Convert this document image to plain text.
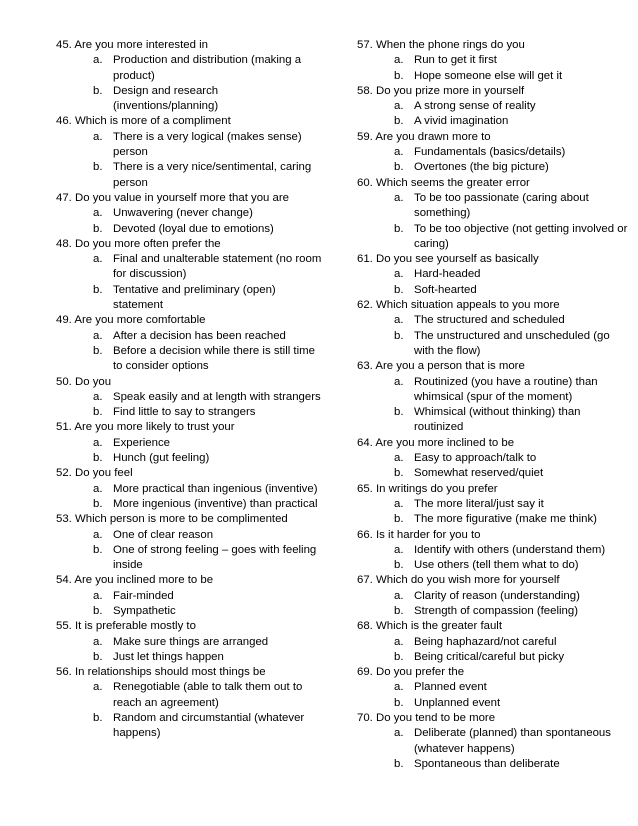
45. Are you more interested in
a. Production and distribution (making a product)
b. Design and research (inventions/planning)
46. Which is more of a compliment
a. There is a very logical (makes sense) person
b. There is a very nice/sentimental, caring person
47. Do you value in yourself more that you are
a. Unwavering (never change)
b. Devoted (loyal due to emotions)
48. Do you more often prefer the
a. Final and unalterable statement (no room for discussion)
b. Tentative and preliminary (open) statement
49. Are you more comfortable
a. After a decision has been reached
b. Before a decision while there is still time to consider options
50. Do you
a. Speak easily and at length with strangers
b. Find little to say to strangers
51. Are you more likely to trust your
a. Experience
b. Hunch (gut feeling)
52. Do you feel
a. More practical than ingenious (inventive)
b. More ingenious (inventive) than practical
53. Which person is more to be complimented
a. One of clear reason
b. One of strong feeling – goes with feeling inside
54. Are you inclined more to be
a. Fair-minded
b. Sympathetic
55. It is preferable mostly to
a. Make sure things are arranged
b. Just let things happen
56. In relationships should most things be
a. Renegotiable (able to talk them out to reach an agreement)
b. Random and circumstantial (whatever happens)
57. When the phone rings do you
a. Run to get it first
b. Hope someone else will get it
58. Do you prize more in yourself
a. A strong sense of reality
b. A vivid imagination
59. Are you drawn more to
a. Fundamentals (basics/details)
b. Overtones (the big picture)
60. Which seems the greater error
a. To be too passionate (caring about something)
b. To be too objective (not getting involved or caring)
61. Do you see yourself as basically
a. Hard-headed
b. Soft-hearted
62. Which situation appeals to you more
a. The structured and scheduled
b. The unstructured and unscheduled (go with the flow)
63. Are you a person that is more
a. Routinized (you have a routine) than whimsical (spur of the moment)
b. Whimsical (without thinking) than routinized
64. Are you more inclined to be
a. Easy to approach/talk to
b. Somewhat reserved/quiet
65. In writings do you prefer
a. The more literal/just say it
b. The more figurative (make me think)
66. Is it harder for you to
a. Identify with others (understand them)
b. Use others (tell them what to do)
67. Which do you wish more for yourself
a. Clarity of reason (understanding)
b. Strength of compassion (feeling)
68. Which is the greater fault
a. Being haphazard/not careful
b. Being critical/careful but picky
69. Do you prefer the
a. Planned event
b. Unplanned event
70. Do you tend to be more
a. Deliberate (planned) than spontaneous (whatever happens)
b. Spontaneous than deliberate
